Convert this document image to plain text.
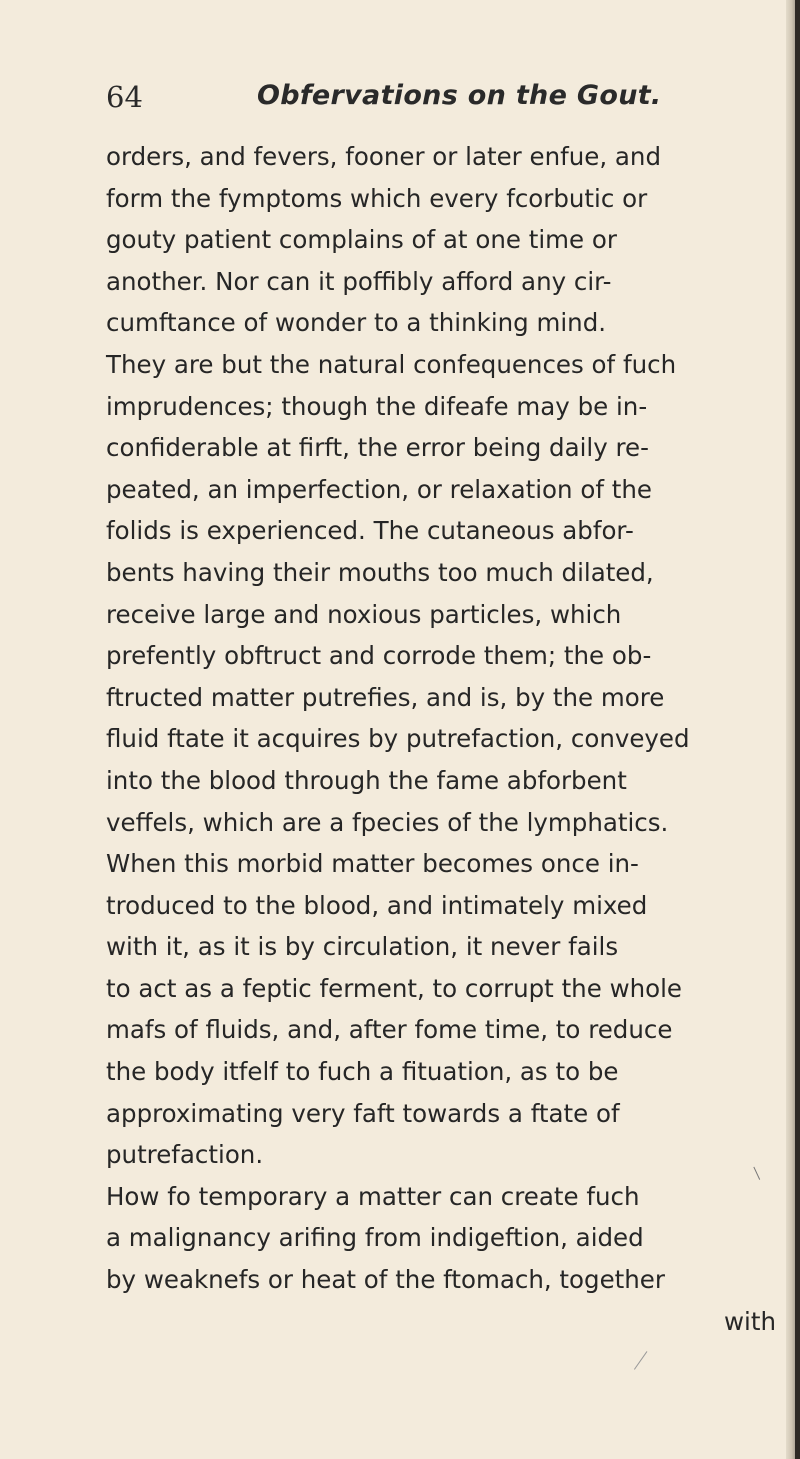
64	Obfervations on the Gout.
orders, and fevers, fooner or later enfue, and
form the fymptoms which every fcorbutic or
gouty patient complains of at one time or
another. Nor can it poffibly afford any cir-
cumftance of wonder to a thinking mind.
They are but the natural confequences of fuch
imprudences; though the difeafe may be in-
confiderable at firft, the error being daily re-
peated, an imperfection, or relaxation of the
folids is experienced. The cutaneous abfor-
bents having their mouths too much dilated,
receive large and noxious particles, which
prefently obftruct and corrode them; the ob-
ftructed matter putrefies, and is, by the more
fluid ftate it acquires by putrefaction, conveyed
into the blood through the fame abforbent
veffels, which are a fpecies of the lymphatics.
When this morbid matter becomes once in-
troduced to the blood, and intimately mixed
with it, as it is by circulation, it never fails
to act as a feptic ferment, to corrupt the whole
mafs of fluids, and, after fome time, to reduce
the body itfelf to fuch a fituation, as to be
approximating very faft towards a ftate of
putrefaction.
How fo temporary a matter can create fuch
a malignancy arifing from indigeftion, aided
by weaknefs or heat of the ftomach, together
with
